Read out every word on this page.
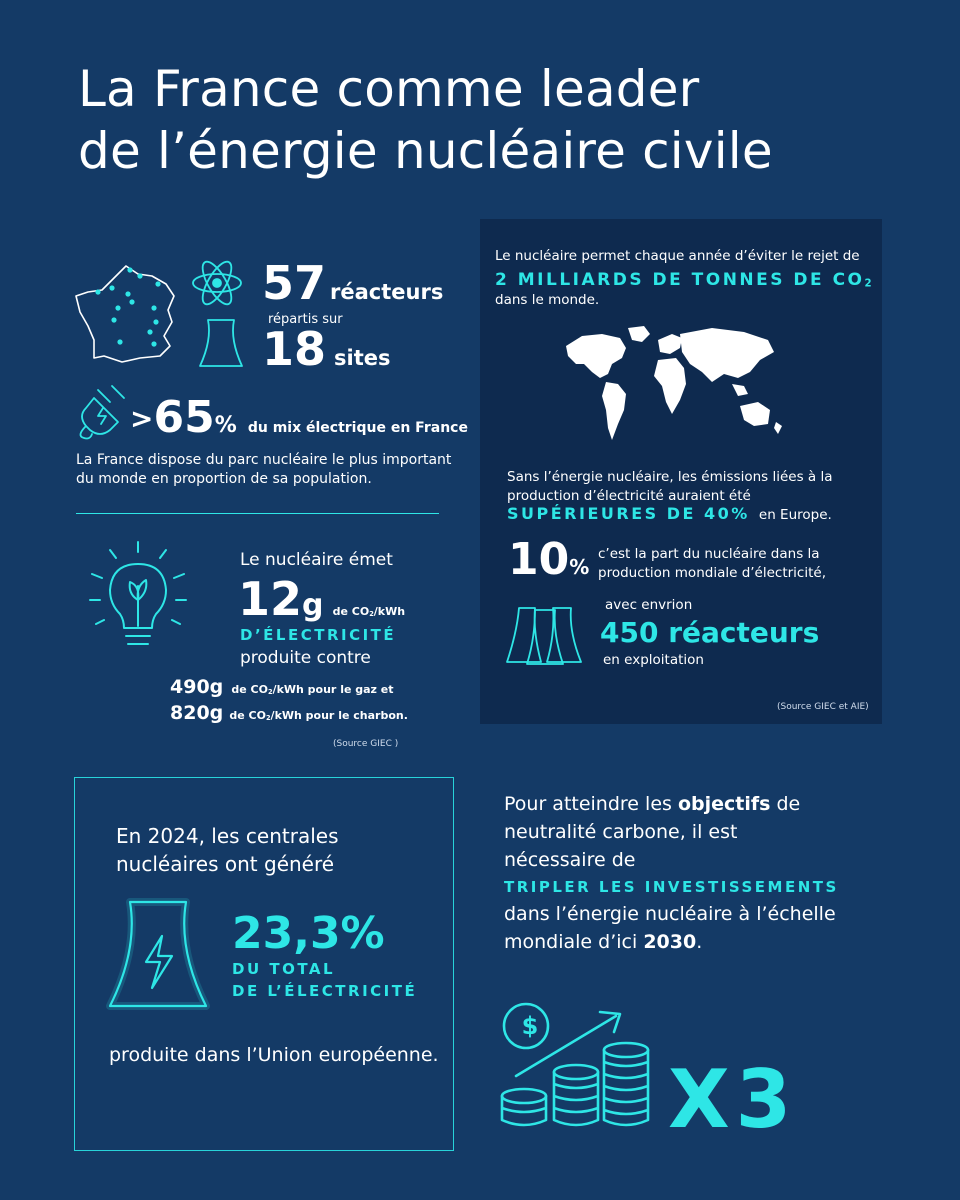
La France comme leader
de l’énergie nucléaire civile
57 réacteurs
répartis sur
18 sites
>65% du mix électrique en France
La France dispose du parc nucléaire le plus important du monde en proportion de sa population.
Le nucléaire émet
12g de $CO_2$/kWh
D’ÉLECTRICITÉ
produite contre
490g de $CO_2$/kWh pour le gaz et
820g de $CO_2$/kWh pour le charbon.
(Source GIEC )
Le nucléaire permet chaque année d’éviter le rejet de
2 MILLIARDS DE TONNES DE $CO_2$
dans le monde.
Sans l’énergie nucléaire, les émissions liées à la production d’électricité auraient été
SUPÉRIEURES DE 40% en Europe.
10%
c’est la part du nucléaire dans la
production mondiale d’électricité,
avec envrion
450 réacteurs
en exploitation
(Source GIEC et AIE)
En 2024, les centrales
nucléaires ont généré
23,3%
DU TOTAL
DE L’ÉLECTRICITÉ
produite dans l’Union européenne.
Pour atteindre les objectifs de
neutralité carbone, il est
nécessaire de
TRIPLER LES INVESTISSEMENTS
dans l’énergie nucléaire à l’échelle
mondiale d’ici 2030.
$
X3
